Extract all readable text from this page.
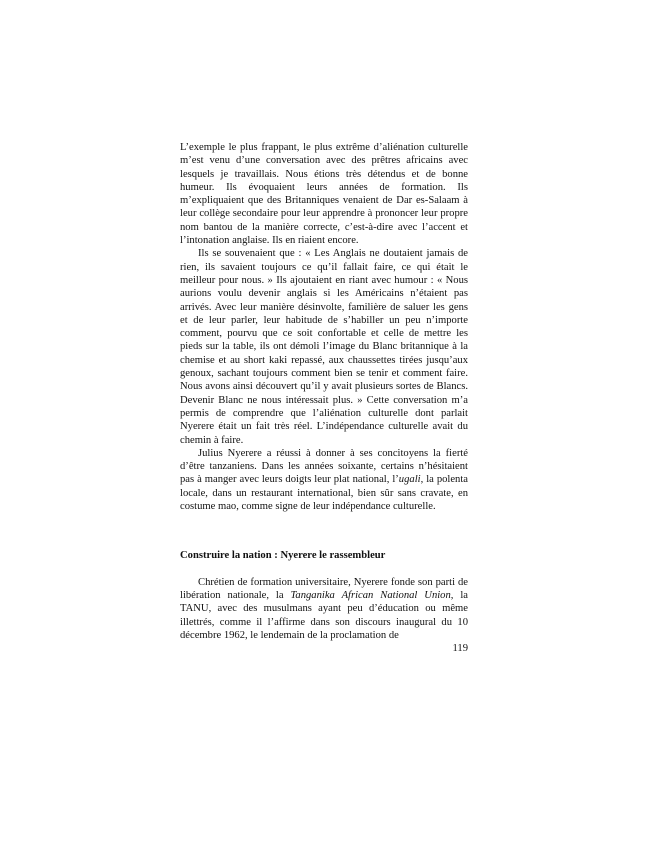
L’exemple le plus frappant, le plus extrême d’aliénation culturelle m’est venu d’une conversation avec des prêtres africains avec lesquels je travaillais. Nous étions très détendus et de bonne humeur. Ils évoquaient leurs années de formation. Ils m’expliquaient que des Britanniques venaient de Dar es-Salaam à leur collège secondaire pour leur apprendre à prononcer leur propre nom bantou de la manière correcte, c’est-à-dire avec l’accent et l’intonation anglaise. Ils en riaient encore.

Ils se souvenaient que : « Les Anglais ne doutaient jamais de rien, ils savaient toujours ce qu’il fallait faire, ce qui était le meilleur pour nous. » Ils ajoutaient en riant avec humour : « Nous aurions voulu devenir anglais si les Américains n’étaient pas arrivés. Avec leur manière désinvolte, familière de saluer les gens et de leur parler, leur habitude de s’habiller un peu n’importe comment, pourvu que ce soit confortable et celle de mettre les pieds sur la table, ils ont démoli l’image du Blanc britannique à la chemise et au short kaki repassé, aux chaussettes tirées jusqu’aux genoux, sachant toujours comment bien se tenir et comment faire. Nous avons ainsi découvert qu’il y avait plusieurs sortes de Blancs. Devenir Blanc ne nous intéressait plus. » Cette conversation m’a permis de comprendre que l’aliénation culturelle dont parlait Nyerere était un fait très réel. L’indépendance culturelle avait du chemin à faire.

Julius Nyerere a réussi à donner à ses concitoyens la fierté d’être tanzaniens. Dans les années soixante, certains n’hésitaient pas à manger avec leurs doigts leur plat national, l’ugali, la polenta locale, dans un restaurant international, bien sûr sans cravate, en costume mao, comme signe de leur indépendance culturelle.

Construire la nation : Nyerere le rassembleur

Chrétien de formation universitaire, Nyerere fonde son parti de libération nationale, la Tanganika African National Union, la TANU, avec des musulmans ayant peu d’éducation ou même illettrés, comme il l’affirme dans son discours inaugural du 10 décembre 1962, le lendemain de la proclamation de

119
